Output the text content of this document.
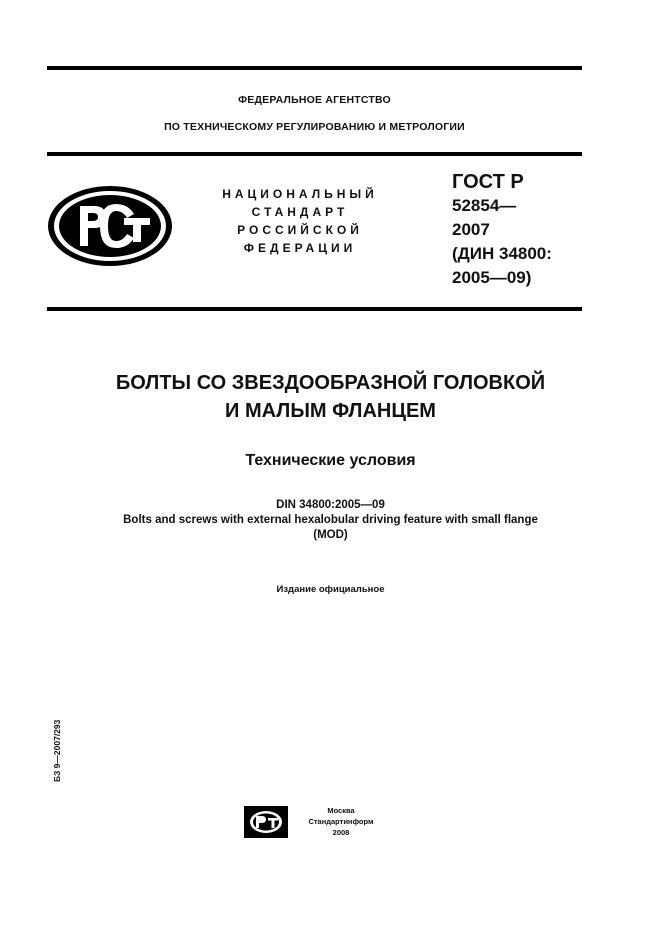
ФЕДЕРАЛЬНОЕ АГЕНТСТВО
ПО ТЕХНИЧЕСКОМУ РЕГУЛИРОВАНИЮ И МЕТРОЛОГИИ
НАЦИОНАЛЬНЫЙ
СТАНДАРТ
РОССИЙСКОЙ
ФЕДЕРАЦИИ
ГОСТ Р
52854—
2007
(ДИН 34800:
2005—09)
БОЛТЫ СО ЗВЕЗДООБРАЗНОЙ ГОЛОВКОЙ
И МАЛЫМ ФЛАНЦЕМ
Технические условия
DIN 34800:2005—09
Bolts and screws with external hexalobular driving feature with small flange
(MOD)
Издание официальное
БЗ 9—2007/293
Москва
Стандартинформ
2008
